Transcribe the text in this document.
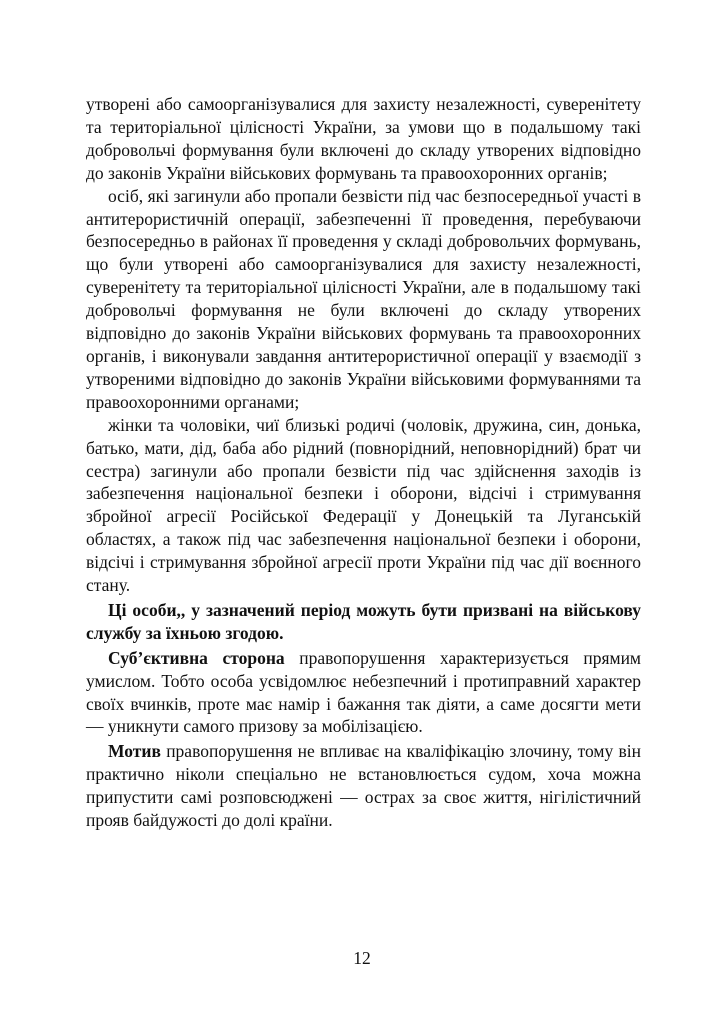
утворені або самоорганізувалися для захисту незалежності, суверенітету та територіальної цілісності України, за умови що в подальшому такі добровольчі формування були включені до складу утворених відповідно до законів України військових формувань та правоохоронних органів;

осіб, які загинули або пропали безвісти під час безпосередньої участі в антитерористичній операції, забезпеченні її проведення, перебуваючи безпосередньо в районах її проведення у складі добровольчих формувань, що були утворені або самоорганізувалися для захисту незалежності, суверенітету та територіальної цілісності України, але в подальшому такі добровольчі формування не були включені до складу утворених відповідно до законів України військових формувань та правоохоронних органів, і виконували завдання антитерористичної операції у взаємодії з утвореними відповідно до законів України військовими формуваннями та правоохоронними органами;

жінки та чоловіки, чиї близькі родичі (чоловік, дружина, син, донька, батько, мати, дід, баба або рідний (повнорідний, неповнорідний) брат чи сестра) загинули або пропали безвісти під час здійснення заходів із забезпечення національної безпеки і оборони, відсічі і стримування збройної агресії Російської Федерації у Донецькій та Луганській областях, а також під час забезпечення національної безпеки і оборони, відсічі і стримування збройної агресії проти України під час дії воєнного стану.

Ці особи,, у зазначений період можуть бути призвані на військову службу за їхньою згодою.

Суб’єктивна сторона правопорушення характеризується прямим умислом. Тобто особа усвідомлює небезпечний і протиправний характер своїх вчинків, проте має намір і бажання так діяти, а саме досягти мети — уникнути самого призову за мобілізацією.

Мотив правопорушення не впливає на кваліфікацію злочину, тому він практично ніколи спеціально не встановлюється судом, хоча можна припустити самі розповсюджені — острах за своє життя, нігілістичний прояв байдужості до долі країни.

12
